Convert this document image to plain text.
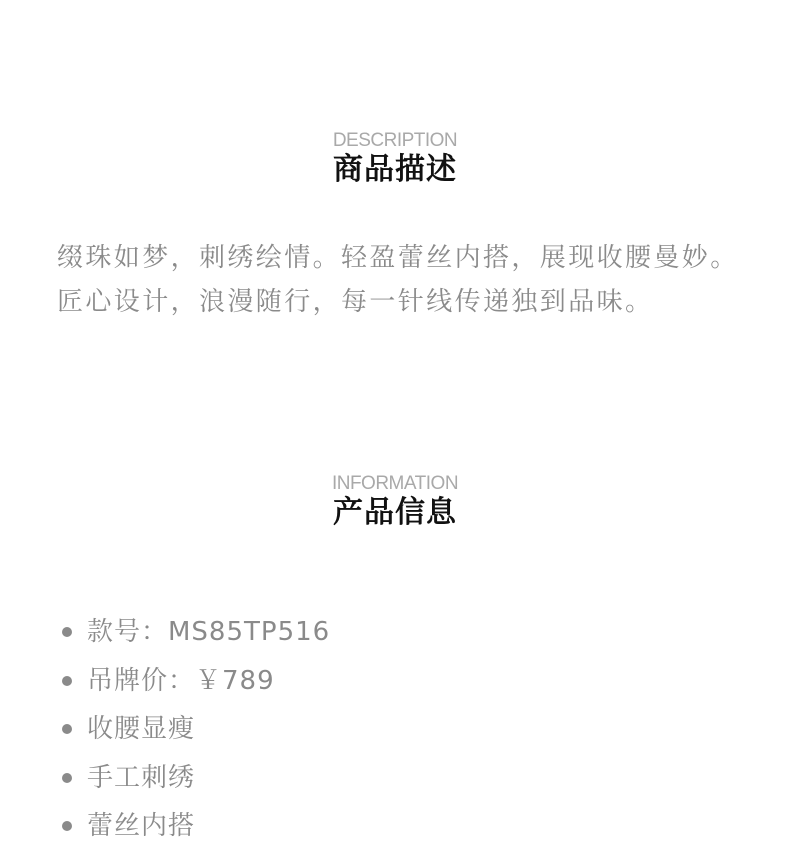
DESCRIPTION
商品描述

缀珠如梦，刺绣绘情。轻盈蕾丝内搭，展现收腰曼妙。匠心设计，浪漫随行，每一针线传递独到品味。

INFORMATION
产品信息
款号：MS85TP516
吊牌价：￥789
收腰显瘦
手工刺绣
蕾丝内搭
